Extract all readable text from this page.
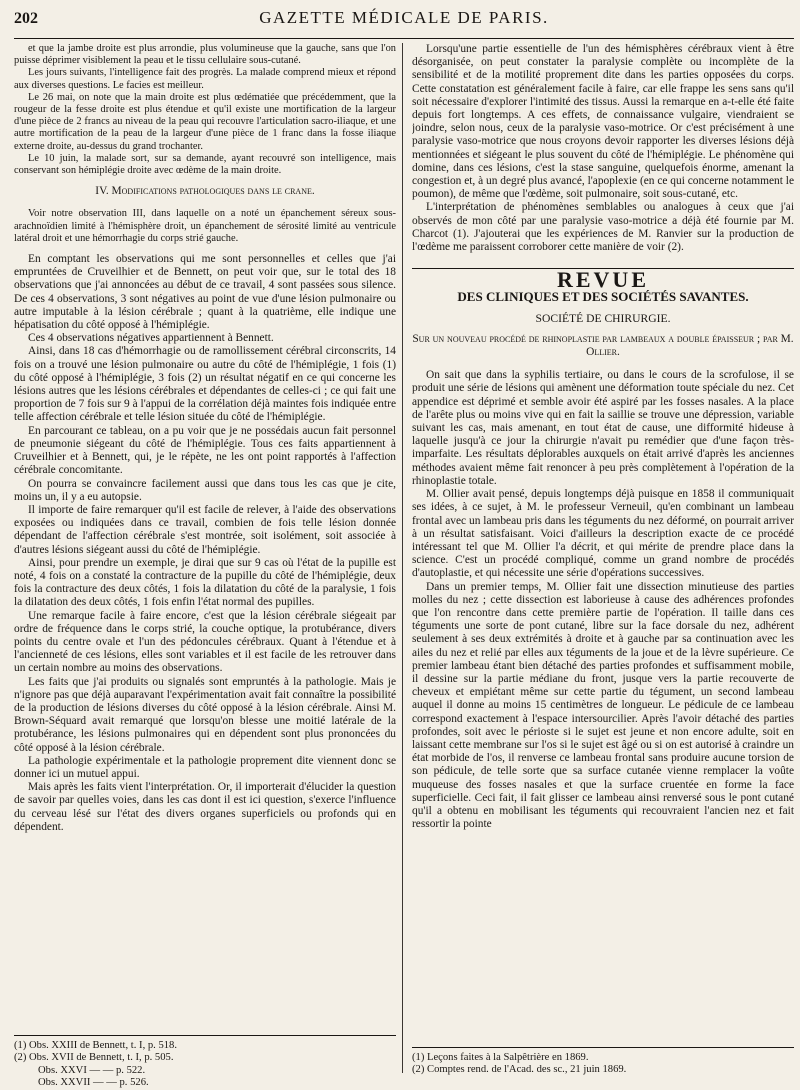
202	GAZETTE MÉDICALE DE PARIS.

et que la jambe droite est plus arrondie, plus volumineuse que la gauche, sans que l'on puisse déprimer visiblement la peau et le tissu cellulaire sous-cutané.

Les jours suivants, l'intelligence fait des progrès. La malade comprend mieux et répond aux diverses questions. Le facies est meilleur.

Le 26 mai, on note que la main droite est plus œdématiée que précédemment, que la rougeur de la fesse droite est plus étendue et qu'il existe une mortification de la largeur d'une pièce de 2 francs au niveau de la peau qui recouvre l'articulation sacro-iliaque, et une autre mortification de la peau de la largeur d'une pièce de 1 franc dans la fosse iliaque externe droite, au-dessus du grand trochanter.

Le 10 juin, la malade sort, sur sa demande, ayant recouvré son intelligence, mais conservant son hémiplégie droite avec œdème de la main droite.

IV. Modifications pathologiques dans le crane.

Voir notre observation III, dans laquelle on a noté un épanchement séreux sous-arachnoïdien limité à l'hémisphère droit, un épanchement de sérosité limité au ventricule latéral droit et une hémorrhagie du corps strié gauche.

En comptant les observations qui me sont personnelles et celles que j'ai empruntées de Cruveilhier et de Bennett, on peut voir que, sur le total des 18 observations que j'ai annoncées au début de ce travail, 4 sont passées sous silence. De ces 4 observations, 3 sont négatives au point de vue d'une lésion pulmonaire ou autre imputable à la lésion cérébrale ; quant à la quatrième, elle indique une hépatisation du côté opposé à l'hémiplégie.

Ces 4 observations négatives appartiennent à Bennett.

Ainsi, dans 18 cas d'hémorrhagie ou de ramollissement cérébral circonscrits, 14 fois on a trouvé une lésion pulmonaire ou autre du côté de l'hémiplégie, 1 fois (1) du côté opposé à l'hémiplégie, 3 fois (2) un résultat négatif en ce qui concerne les lésions autres que les lésions cérébrales et dépendantes de celles-ci ; ce qui fait une proportion de 7 fois sur 9 à l'appui de la corrélation déjà maintes fois indiquée entre telle affection cérébrale et telle lésion située du côté de l'hémiplégie.

En parcourant ce tableau, on a pu voir que je ne possédais aucun fait personnel de pneumonie siégeant du côté de l'hémiplégie. Tous ces faits appartiennent à Cruveilhier et à Bennett, qui, je le répète, ne les ont point rapportés à l'affection cérébrale concomitante.

On pourra se convaincre facilement aussi que dans tous les cas que je cite, moins un, il y a eu autopsie.

Il importe de faire remarquer qu'il est facile de relever, à l'aide des observations exposées ou indiquées dans ce travail, combien de fois telle lésion donnée dépendant de l'affection cérébrale s'est montrée, soit isolément, soit associée à d'autres lésions siégeant aussi du côté de l'hémiplégie.

Ainsi, pour prendre un exemple, je dirai que sur 9 cas où l'état de la pupille est noté, 4 fois on a constaté la contracture de la pupille du côté de l'hémiplégie, deux fois la contracture des deux côtés, 1 fois la dilatation du côté de la paralysie, 1 fois la dilatation des deux côtés, 1 fois enfin l'état normal des pupilles.

Une remarque facile à faire encore, c'est que la lésion cérébrale siégeait par ordre de fréquence dans le corps strié, la couche optique, la protubérance, divers points du centre ovale et l'un des pédoncules cérébraux. Quant à l'étendue et à l'ancienneté de ces lésions, elles sont variables et il est facile de les retrouver dans un certain nombre au moins des observations.

Les faits que j'ai produits ou signalés sont empruntés à la pathologie. Mais je n'ignore pas que déjà auparavant l'expérimentation avait fait connaître la possibilité de la production de lésions diverses du côté opposé à la lésion cérébrale. Ainsi M. Brown-Séquard avait remarqué que lorsqu'on blesse une moitié latérale de la protubérance, les lésions pulmonaires qui en dépendent sont plus prononcées du côté opposé à la lésion cérébrale.

La pathologie expérimentale et la pathologie proprement dite viennent donc se donner ici un mutuel appui.

Mais après les faits vient l'interprétation. Or, il importerait d'élucider la question de savoir par quelles voies, dans les cas dont il est ici question, s'exerce l'influence du cerveau lésé sur l'état des divers organes superficiels ou profonds qui en dépendent.

(1) Obs. XXIII de Bennett, t. I, p. 518.

(2) Obs. XVII de Bennett, t. I, p. 505.

Obs. XXVI — — p. 522.

Obs. XXVII — — p. 526.

Lorsqu'une partie essentielle de l'un des hémisphères cérébraux vient à être désorganisée, on peut constater la paralysie complète ou incomplète de la sensibilité et de la motilité proprement dite dans les parties opposées du corps. Cette constatation est généralement facile à faire, car elle frappe les sens sans qu'il soit nécessaire d'explorer l'intimité des tissus. Aussi la remarque en a-t-elle été faite depuis fort longtemps. A ces effets, de connaissance vulgaire, viendraient se joindre, selon nous, ceux de la paralysie vaso-motrice. Or c'est précisément à une paralysie vaso-motrice que nous croyons devoir rapporter les diverses lésions déjà mentionnées et siégeant le plus souvent du côté de l'hémiplégie. Le phénomène qui domine, dans ces lésions, c'est la stase sanguine, quelquefois énorme, amenant la congestion et, à un degré plus avancé, l'apoplexie (en ce qui concerne notamment le poumon), de même que l'œdème, soit pulmonaire, soit sous-cutané, etc.

L'interprétation de phénomènes semblables ou analogues à ceux que j'ai observés de mon côté par une paralysie vaso-motrice a déjà été fournie par M. Charcot (1). J'ajouterai que les expériences de M. Ranvier sur la production de l'œdème me paraissent corroborer cette manière de voir (2).

REVUE
DES CLINIQUES ET DES SOCIÉTÉS SAVANTES.
SOCIÉTÉ DE CHIRURGIE.

Sur un nouveau procédé de rhinoplastie par lambeaux a double épaisseur ; par M. Ollier.

On sait que dans la syphilis tertiaire, ou dans le cours de la scrofulose, il se produit une série de lésions qui amènent une déformation toute spéciale du nez. Cet appendice est déprimé et semble avoir été aspiré par les fosses nasales. A la place de l'arête plus ou moins vive qui en fait la saillie se trouve une dépression, variable suivant les cas, mais amenant, en tout état de cause, une difformité hideuse à laquelle jusqu'à ce jour la chirurgie n'avait pu remédier que d'une façon très-imparfaite. Les résultats déplorables auxquels on était arrivé d'après les anciennes méthodes avaient même fait renoncer à peu près complètement à l'opération de la rhinoplastie totale.

M. Ollier avait pensé, depuis longtemps déjà puisque en 1858 il communiquait ses idées, à ce sujet, à M. le professeur Verneuil, qu'en combinant un lambeau frontal avec un lambeau pris dans les téguments du nez déformé, on pourrait arriver à un résultat satisfaisant. Voici d'ailleurs la description exacte de ce procédé intéressant tel que M. Ollier l'a décrit, et qui mérite de prendre place dans la science. C'est un procédé compliqué, comme un grand nombre de procédés d'autoplastie, et qui nécessite une série d'opérations successives.

Dans un premier temps, M. Ollier fait une dissection minutieuse des parties molles du nez ; cette dissection est laborieuse à cause des adhérences profondes que l'on rencontre dans cette première partie de l'opération. Il taille dans ces téguments une sorte de pont cutané, libre sur la face dorsale du nez, adhérent seulement à ses deux extrémités à droite et à gauche par sa continuation avec les ailes du nez et relié par elles aux téguments de la joue et de la lèvre supérieure. Ce premier lambeau étant bien détaché des parties profondes et suffisamment mobile, il dessine sur la partie médiane du front, jusque vers la partie recouverte de cheveux et empiétant même sur cette partie du tégument, un second lambeau auquel il donne au moins 15 centimètres de longueur. Le pédicule de ce lambeau correspond exactement à l'espace intersourcilier. Après l'avoir détaché des parties profondes, soit avec le périoste si le sujet est jeune et non encore adulte, soit en laissant cette membrane sur l'os si le sujet est âgé ou si on est autorisé à craindre un état morbide de l'os, il renverse ce lambeau frontal sans produire aucune torsion de son pédicule, de telle sorte que sa surface cutanée vienne remplacer la voûte muqueuse des fosses nasales et que la surface cruentée en forme la face superficielle. Ceci fait, il fait glisser ce lambeau ainsi renversé sous le pont cutané qu'il a obtenu en mobilisant les téguments qui recouvraient l'ancien nez et fait ressortir la pointe

(1) Leçons faites à la Salpêtrière en 1869.

(2) Comptes rend. de l'Acad. des sc., 21 juin 1869.
